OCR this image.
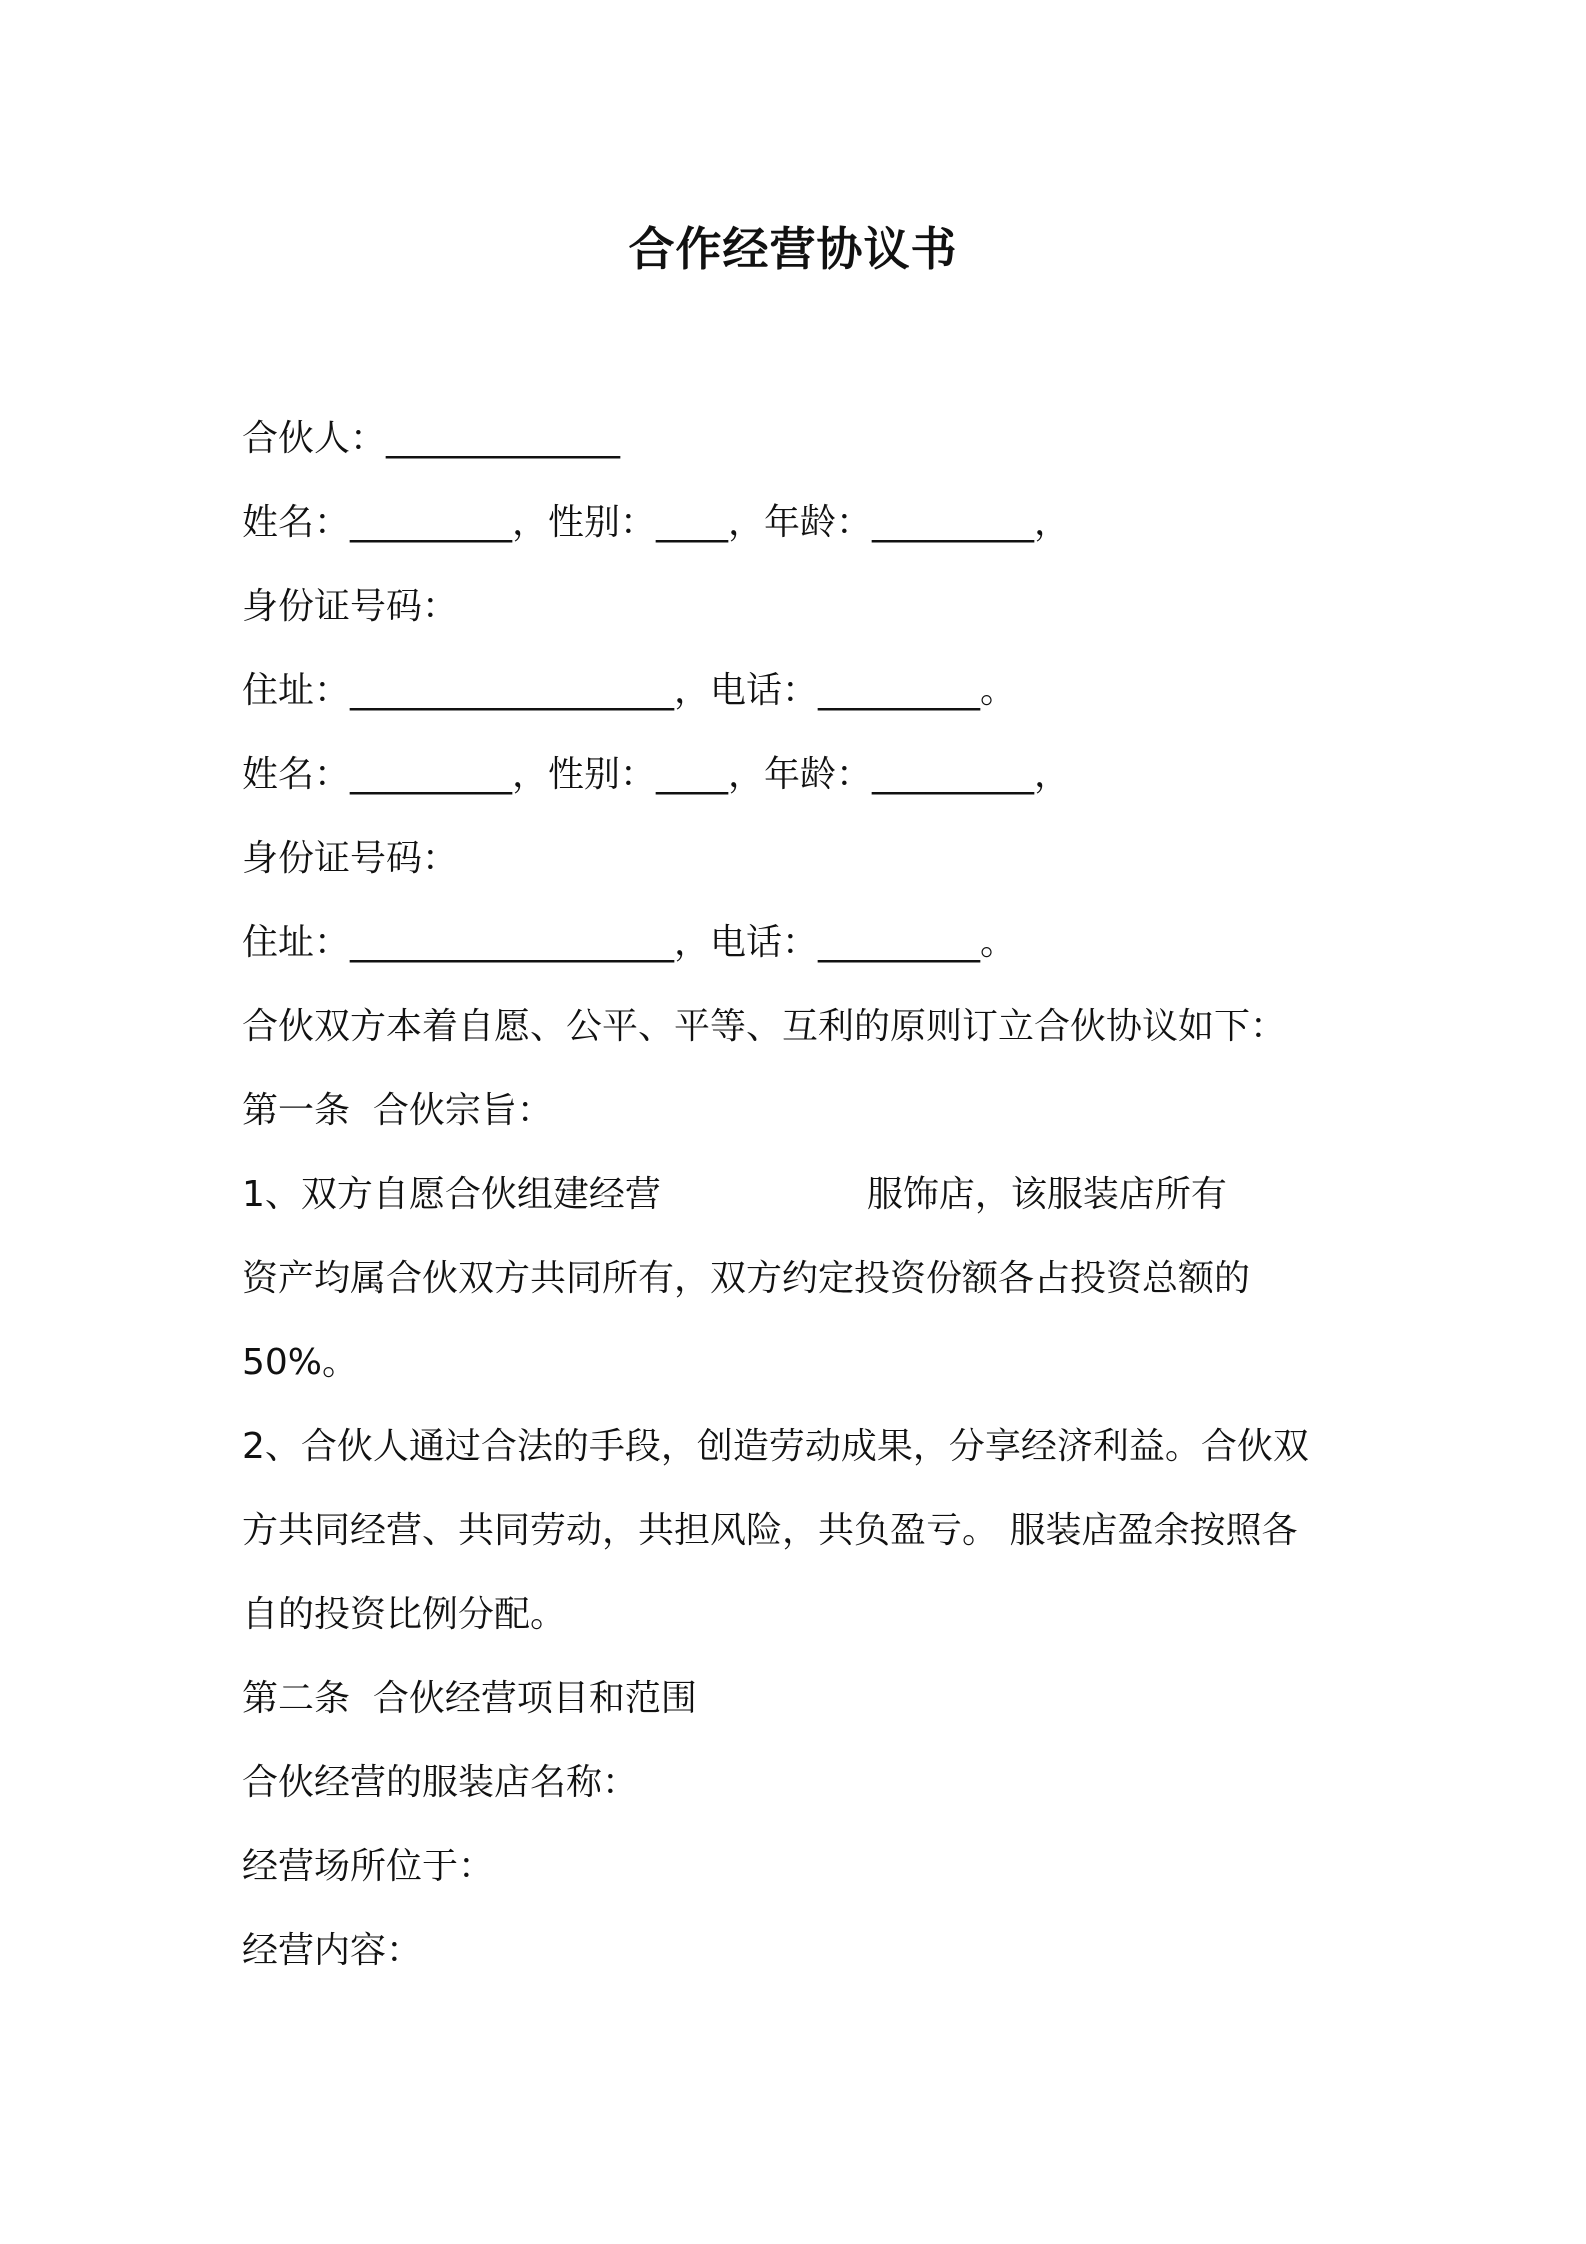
合作经营协议书
合伙人：_____________
姓名：_________，性别：____，年龄：_________，
身份证号码：
住址：__________________，电话：_________。
姓名：_________，性别：____，年龄：_________，
身份证号码：
住址：__________________，电话：_________。
合伙双方本着自愿、公平、平等、互利的原则订立合伙协议如下：
第一条  合伙宗旨：
1、双方自愿合伙组建经营                  服饰店，该服装店所有
资产均属合伙双方共同所有，双方约定投资份额各占投资总额的
50%。
2、合伙人通过合法的手段，创造劳动成果，分享经济利益。合伙双
方共同经营、共同劳动，共担风险，共负盈亏。 服装店盈余按照各
自的投资比例分配。
第二条  合伙经营项目和范围
合伙经营的服装店名称：
经营场所位于：
经营内容：
